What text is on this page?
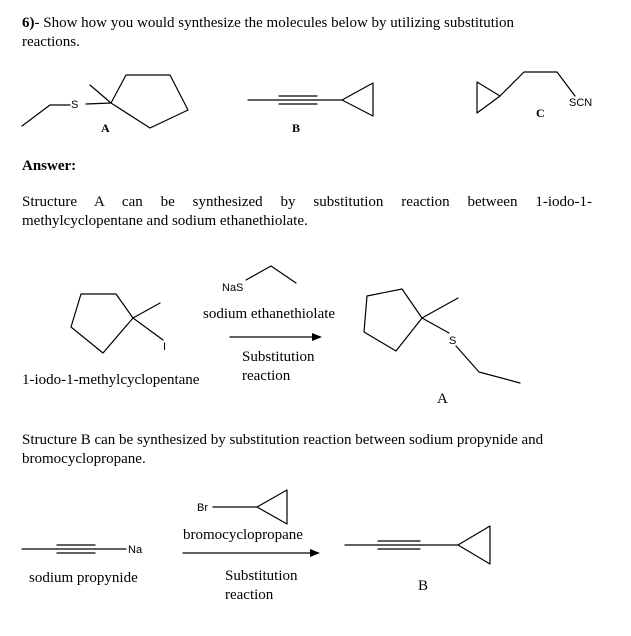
6)- Show how you would synthesize the molecules below by utilizing substitution
reactions.
S	SCN
A	B
C
Answer:
Structure A can be synthesized by substitution reaction between 1-iodo-1-
methylcyclopentane and sodium ethanethiolate.
NaS
I	S
sodium ethanethiolate
Substitution
reaction
1-iodo-1-methylcyclopentane
A
Structure B can be synthesized by substitution reaction between sodium propynide and
bromocyclopropane.
Br
Na
bromocyclopropane
Substitution
reaction
sodium propynide	B
